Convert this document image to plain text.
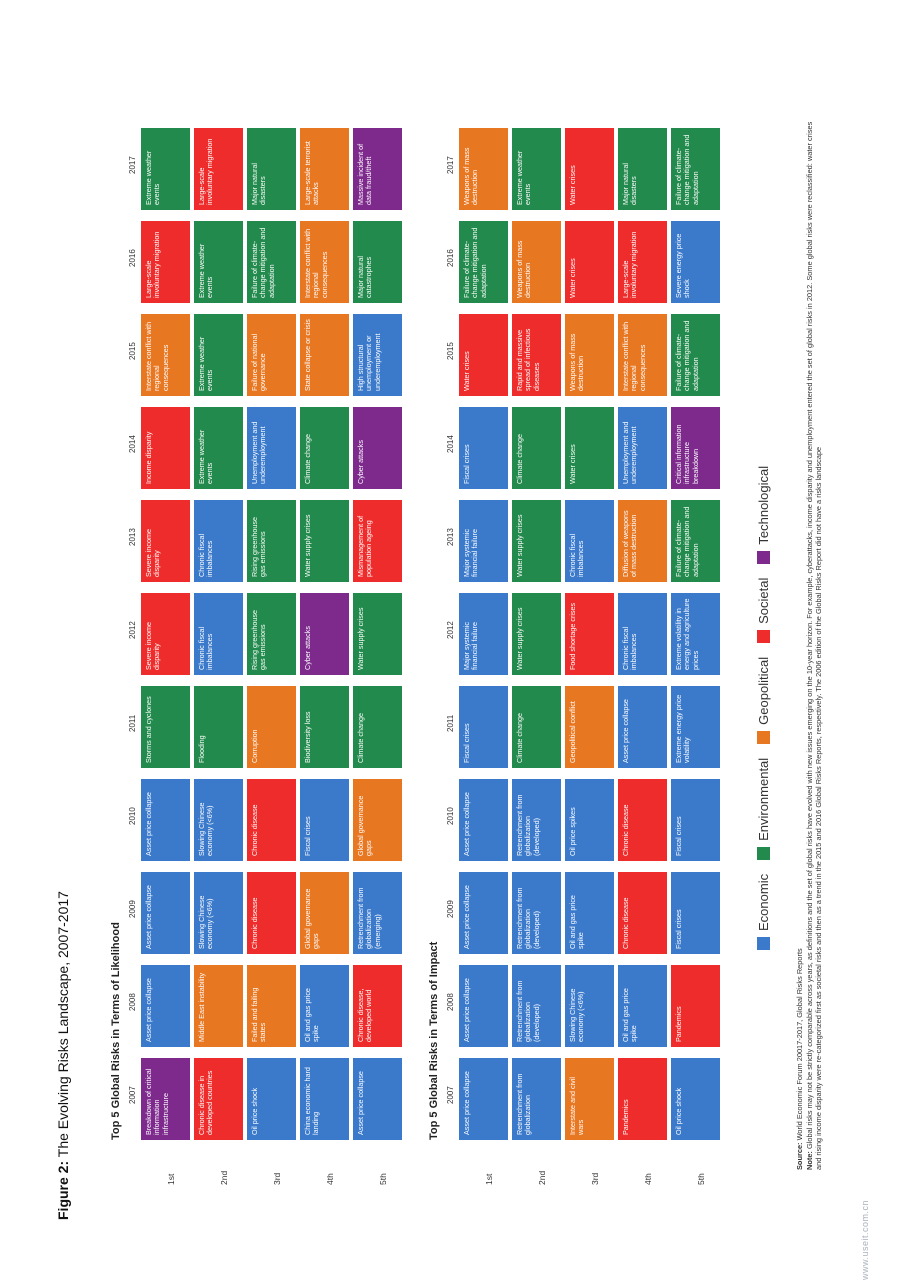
Figure 2: The Evolving Risks Landscape, 2007-2017	Top 5 Global Risks in Terms of Likelihood	Top 5 Global Risks in Terms of Impact
2007
2008
2009
2010
2011
2012
2013
2014
2015
2016
2017
1st	2nd	3rd	4th	5th
Breakdown of critical information infrastructure	Chronic disease in developed countries	Oil price shock	China economic hard landing	Asset price collapse
Asset price collapse	Middle East instability	Failed and failing states	Oil and gas price spike	Chronic disease, developed world
Asset price collapse	Slowing Chinese economy (<6%)	Chronic disease	Global governance gaps	Retrenchment from globalization (emerging)
Asset price collapse	Slowing Chinese economy (<6%)	Chronic disease	Fiscal crises	Global governance gaps
Storms and cyclones	Flooding	Corruption	Biodiversity loss	Climate change
Severe income disparity	Chronic fiscal imbalances	Rising greenhouse gas emissions	Cyber attacks	Water supply crises
Severe income disparity	Chronic fiscal imbalances	Rising greenhouse gas emissions	Water supply crises	Mismanagement of population ageing
Income disparity	Extreme weather events	Unemployment and underemployment	Climate change	Cyber attacks
Interstate conflict with regional consequences	Extreme weather events	Failure of national governance	State collapse or crisis	High structural unemployment or underemployment
Large-scale involuntary migration	Extreme weather events	Failure of climate-change mitigation and adaptation	Interstate conflict with regional consequences	Major natural catastrophes
Extreme weather events	Large-scale involuntary migration	Major natural disasters	Large-scale terrorist attacks	Massive incident of data fraud/theft
2007
2008
2009
2010
2011
2012
2013
2014
2015
2016
2017
1st	2nd	3rd	4th	5th
Asset price collapse	Retrenchment from globalization	Interstate and civil wars	Pandemics	Oil price shock
Asset price collapse	Retrenchment from globalization (developed)	Slowing Chinese economy (<6%)	Oil and gas price spike	Pandemics
Asset price collapse	Retrenchment from globalization (developed)	Oil and gas price spike	Chronic disease	Fiscal crises
Asset price collapse	Retrenchment from globalization (developed)	Oil price spikes	Chronic disease	Fiscal crises
Fiscal crises	Climate change	Geopolitical conflict	Asset price collapse	Extreme energy price volatility
Major systemic financial failure	Water supply crises	Food shortage crises	Chronic fiscal imbalances	Extreme volatility in energy and agriculture prices
Major systemic financial failure	Water supply crises	Chronic fiscal imbalances	Diffusion of weapons of mass destruction	Failure of climate-change mitigation and adaptation
Fiscal crises	Climate change	Water crises	Unemployment and underemployment	Critical information infrastructure breakdown
Water crises	Rapid and massive spread of infectious diseases	Weapons of mass destruction	Interstate conflict with regional consequences	Failure of climate-change mitigation and adaptation
Failure of climate-change mitigation and adaptation	Weapons of mass destruction	Water crises	Large-scale involuntary migration	Severe energy price shock
Weapons of mass destruction	Extreme weather events	Water crises	Major natural disasters	Failure of climate-change mitigation and adaptation
Economic
Environmental
Geopolitical
Societal
Technological
Source: World Economic Forum 20017-2017, Global Risks Reports
Note: Global risks may not be strictly comparable across years, as definitions and the set of global risks have evolved with new issues emerging on the 10-year horizon. For example, cyberattacks, income disparity and unemployment entered the set of global risks in 2012. Some global risks were reclassified: water crises and rising income disparity were re-categorized first as societal risks and then as a trend in the 2015 and 2016 Global Risks Reports, respectively. The 2006 edition of the Global Risks Report did not have a risks landscape
www.useit.com.cn
